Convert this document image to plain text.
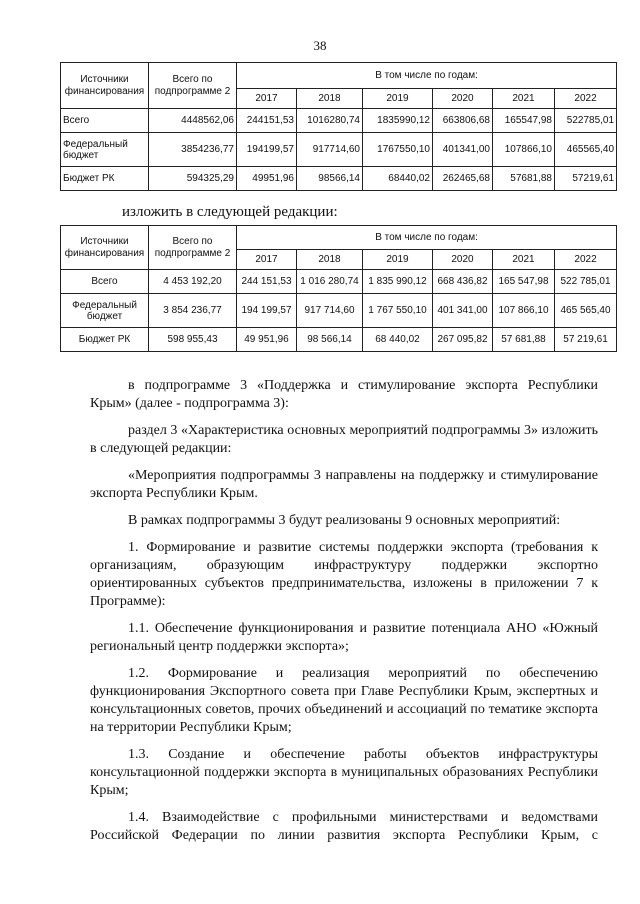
38
Источники финансирования	Всего по подпрограмме 2	В том числе по годам:					
		2017	2018	2019	2020	2021	2022
Всего	4448562,06	244151,53	1016280,74	1835990,12	663806,68	165547,98	522785,01
Федеральный бюджет	3854236,77	194199,57	917714,60	1767550,10	401341,00	107866,10	465565,40
Бюджет РК	594325,29	49951,96	98566,14	68440,02	262465,68	57681,88	57219,61
изложить в следующей редакции:
Источники финансирования	Всего по подпрограмме 2	В том числе по годам:					
		2017	2018	2019	2020	2021	2022
Всего	4 453 192,20	244 151,53	1 016 280,74	1 835 990,12	668 436,82	165 547,98	522 785,01
Федеральный бюджет	3 854 236,77	194 199,57	917 714,60	1 767 550,10	401 341,00	107 866,10	465 565,40
Бюджет РК	598 955,43	49 951,96	98 566,14	68 440,02	267 095,82	57 681,88	57 219,61

в подпрограмме 3 «Поддержка и стимулирование экспорта Республики Крым» (далее - подпрограмма 3):

раздел 3 «Характеристика основных мероприятий подпрограммы 3» изложить в следующей редакции:

«Мероприятия подпрограммы 3 направлены на поддержку и стимулирование экспорта Республики Крым.

В рамках подпрограммы 3 будут реализованы 9 основных мероприятий:

1. Формирование и развитие системы поддержки экспорта (требования к организациям, образующим инфраструктуру поддержки экспортно ориентированных субъектов предпринимательства, изложены в приложении 7 к Программе):

1.1. Обеспечение функционирования и развитие потенциала АНО «Южный региональный центр поддержки экспорта»;

1.2. Формирование и реализация мероприятий по обеспечению функционирования Экспортного совета при Главе Республики Крым, экспертных и консультационных советов, прочих объединений и ассоциаций по тематике экспорта на территории Республики Крым;

1.3. Создание и обеспечение работы объектов инфраструктуры консультационной поддержки экспорта в муниципальных образованиях Республики Крым;

1.4. Взаимодействие с профильными министерствами и ведомствами Российской Федерации по линии развития экспорта Республики Крым, с
